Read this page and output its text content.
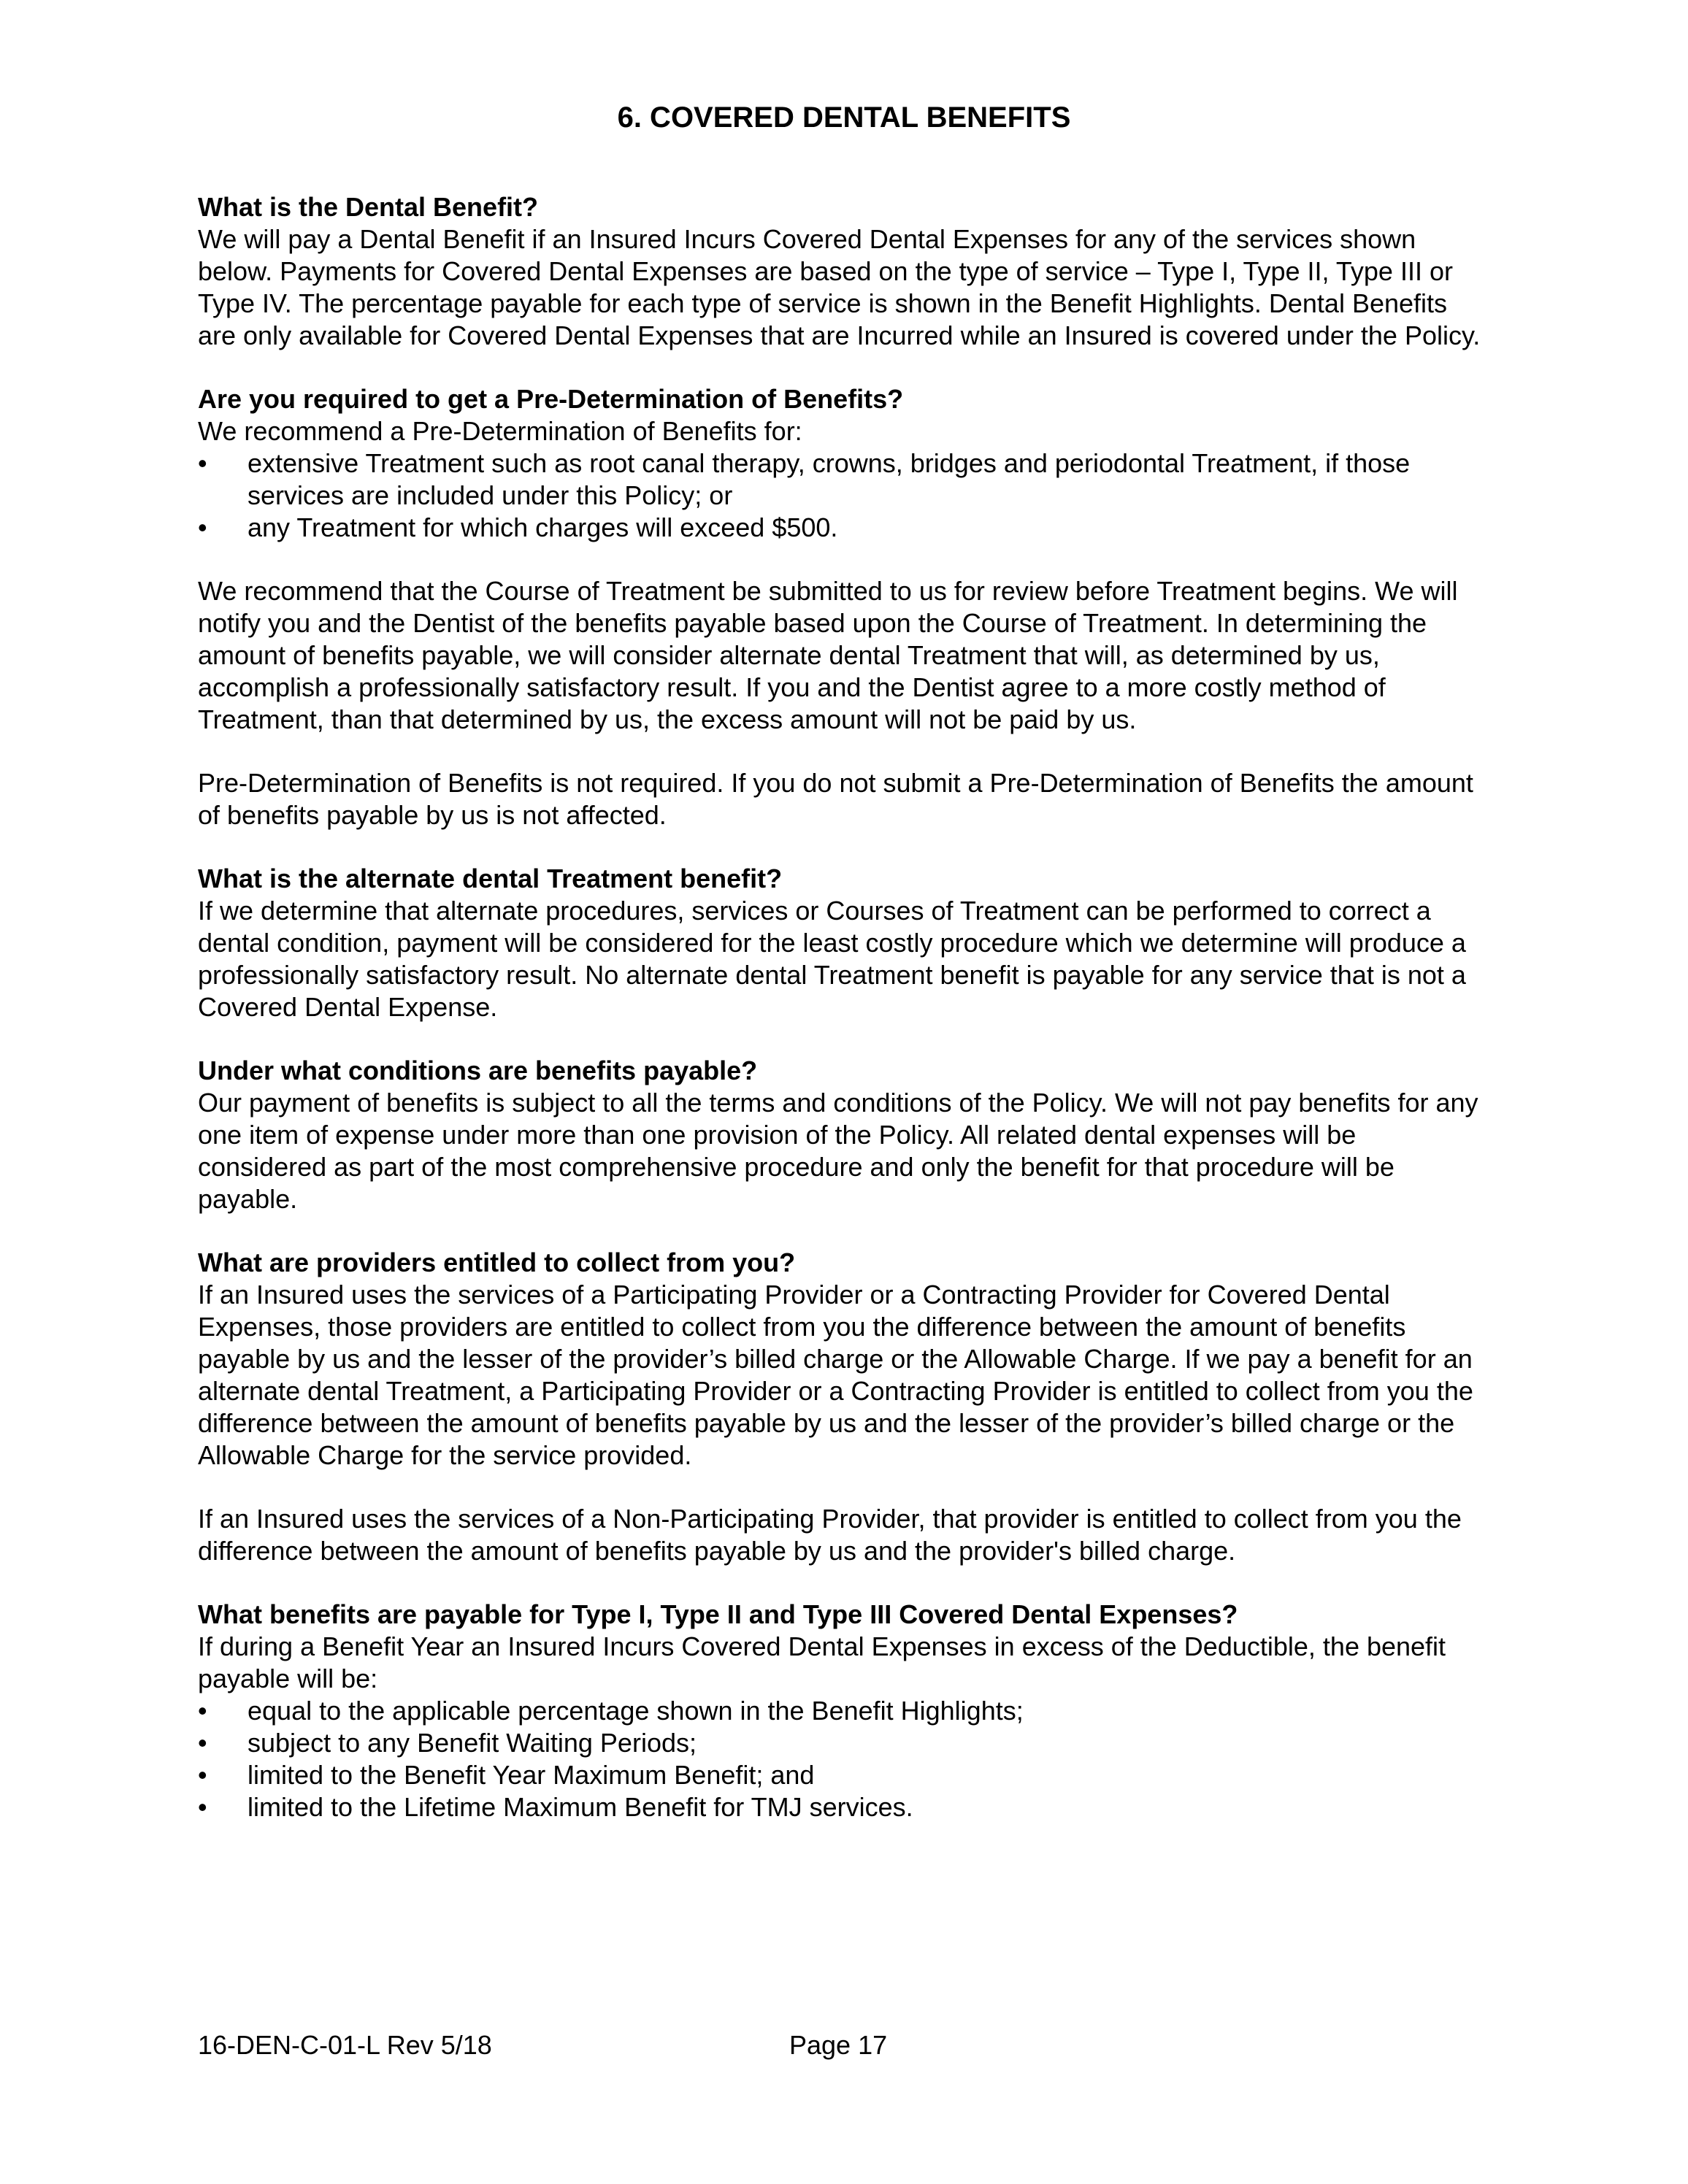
6. COVERED DENTAL BENEFITS

What is the Dental Benefit?

We will pay a Dental Benefit if an Insured Incurs Covered Dental Expenses for any of the services shown below. Payments for Covered Dental Expenses are based on the type of service – Type I, Type II, Type III or Type IV. The percentage payable for each type of service is shown in the Benefit Highlights. Dental Benefits are only available for Covered Dental Expenses that are Incurred while an Insured is covered under the Policy.

Are you required to get a Pre-Determination of Benefits?

We recommend a Pre-Determination of Benefits for:

•	extensive Treatment such as root canal therapy, crowns, bridges and periodontal Treatment, if those services are included under this Policy; or
•	any Treatment for which charges will exceed $500.

We recommend that the Course of Treatment be submitted to us for review before Treatment begins. We will notify you and the Dentist of the benefits payable based upon the Course of Treatment. In determining the amount of benefits payable, we will consider alternate dental Treatment that will, as determined by us, accomplish a professionally satisfactory result. If you and the Dentist agree to a more costly method of Treatment, than that determined by us, the excess amount will not be paid by us.

Pre-Determination of Benefits is not required. If you do not submit a Pre-Determination of Benefits the amount of benefits payable by us is not affected.

What is the alternate dental Treatment benefit?

If we determine that alternate procedures, services or Courses of Treatment can be performed to correct a dental condition, payment will be considered for the least costly procedure which we determine will produce a professionally satisfactory result. No alternate dental Treatment benefit is payable for any service that is not a Covered Dental Expense.

Under what conditions are benefits payable?

Our payment of benefits is subject to all the terms and conditions of the Policy. We will not pay benefits for any one item of expense under more than one provision of the Policy. All related dental expenses will be considered as part of the most comprehensive procedure and only the benefit for that procedure will be payable.

What are providers entitled to collect from you?

If an Insured uses the services of a Participating Provider or a Contracting Provider for Covered Dental Expenses, those providers are entitled to collect from you the difference between the amount of benefits payable by us and the lesser of the provider’s billed charge or the Allowable Charge. If we pay a benefit for an alternate dental Treatment, a Participating Provider or a Contracting Provider is entitled to collect from you the difference between the amount of benefits payable by us and the lesser of the provider’s billed charge or the Allowable Charge for the service provided.

If an Insured uses the services of a Non-Participating Provider, that provider is entitled to collect from you the difference between the amount of benefits payable by us and the provider's billed charge.

What benefits are payable for Type I, Type II and Type III Covered Dental Expenses?

If during a Benefit Year an Insured Incurs Covered Dental Expenses in excess of the Deductible, the benefit payable will be:

•	equal to the applicable percentage shown in the Benefit Highlights;
•	subject to any Benefit Waiting Periods;
•	limited to the Benefit Year Maximum Benefit; and
•	limited to the Lifetime Maximum Benefit for TMJ services.
16-DEN-C-01-L Rev 5/18	Page 17
